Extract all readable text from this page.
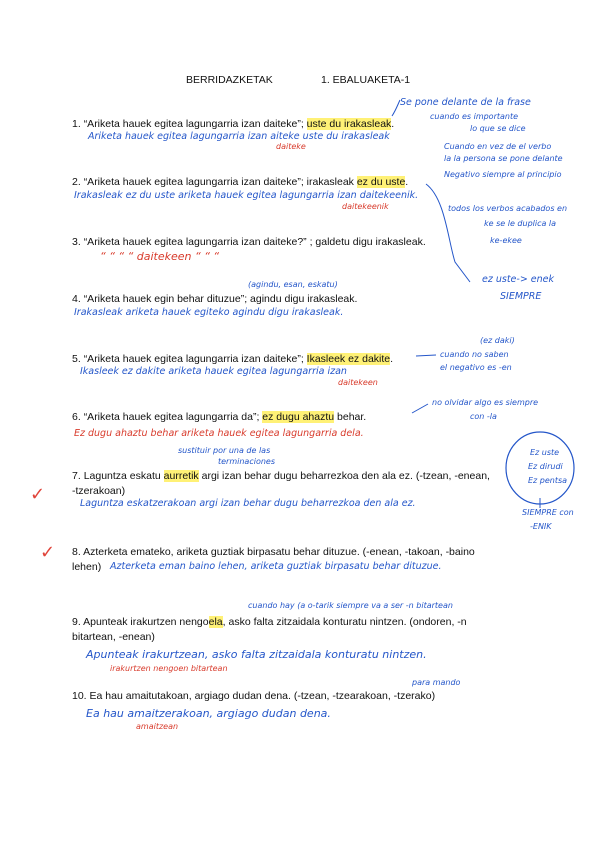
BERRIDAZKETAK	1. EBALUAKETA-1
1. “Ariketa hauek egitea lagungarria izan daiteke”; uste du irakasleak.
Ariketa hauek egitea lagungarria izan aiteke uste du irakasleak
daiteke
2. “Ariketa hauek egitea lagungarria izan daiteke”; irakasleak ez du uste.
Irakasleak ez du uste ariketa hauek egitea lagungarria izan daitekeenik.
daitekeenik
3. “Ariketa hauek egitea lagungarria izan daiteke?” ; galdetu digu irakasleak.
“ “ “ “ daitekeen “ “ “
(agindu, esan, eskatu)
4. “Ariketa hauek egin behar dituzue”; agindu digu irakasleak.
Irakasleak ariketa hauek egiteko agindu digu irakasleak.
5. “Ariketa hauek egitea lagungarria izan daiteke”; Ikasleek ez dakite.
Ikasleek ez dakite ariketa hauek egitea lagungarria izan
daitekeen
6. “Ariketa hauek egitea lagungarria da”; ez dugu ahaztu behar.
Ez dugu ahaztu behar ariketa hauek egitea lagungarria dela.
sustituir por una de las
terminaciones
7. Laguntza eskatu aurretik argi izan behar dugu beharrezkoa den ala ez. (-tzean, -enean,
-tzerakoan)
Laguntza eskatzerakoan argi izan behar dugu beharrezkoa den ala ez.
✓
8. Azterketa emateko, ariketa guztiak birpasatu behar dituzue. (-enean, -takoan, -baino
lehen) Azterketa eman baino lehen, ariketa guztiak birpasatu behar dituzue.
✓
cuando hay (a o-tarik siempre va a ser -n bitartean
9. Apunteak irakurtzen nengoela, asko falta zitzaidala konturatu nintzen. (ondoren, -n
bitartean, -enean)
Apunteak irakurtzean, asko falta zitzaidala konturatu nintzen.
irakurtzen nengoen bitartean
para mando
10. Ea hau amaitutakoan, argiago dudan dena. (-tzean, -tzearakoan, -tzerako)
Ea hau amaitzerakoan, argiago dudan dena.
amaitzean
Se pone delante de la frase
cuando es importante
lo que se dice
Cuando en vez de el verbo
la la persona se pone delante
Negativo siempre al principio
todos los verbos acabados en
ke se le duplica la
ke-ekee
ez uste-> enek
SIEMPRE
(ez daki)
cuando no saben
el negativo es -en
no olvidar algo es siempre
con -la
SIEMPRE con
-ENIK
Ez uste
Ez dirudi
Ez pentsa
